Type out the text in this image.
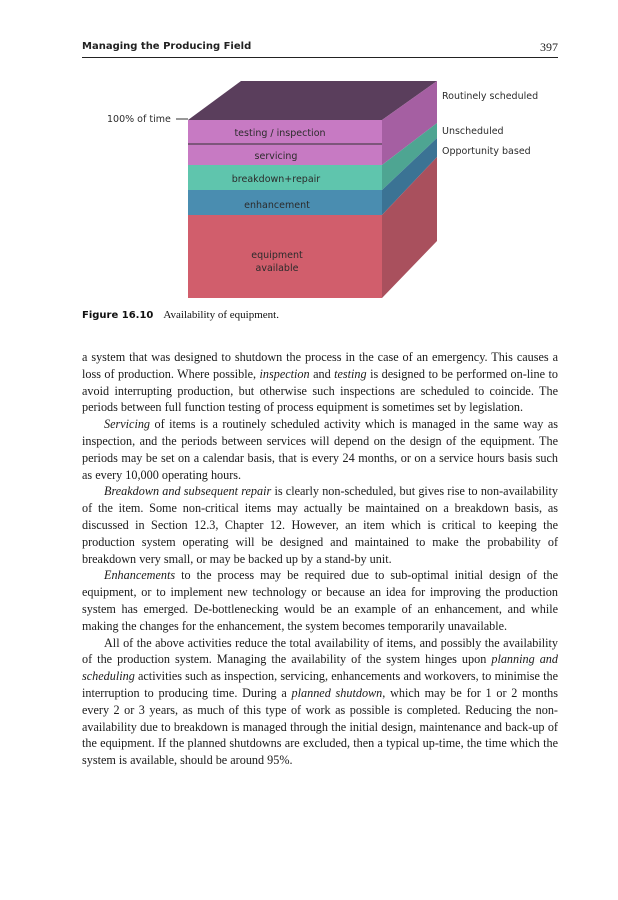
Managing the Producing Field	397
testing / inspection
servicing
breakdown+repair
enhancement
equipment
available
100% of time
Routinely scheduled
Unscheduled
Opportunity based
Figure 16.10 Availability of equipment.

a system that was designed to shutdown the process in the case of an emergency. This causes a loss of production. Where possible, inspection and testing is designed to be performed on-line to avoid interrupting production, but otherwise such inspections are scheduled to coincide. The periods between full function testing of process equipment is sometimes set by legislation.

Servicing of items is a routinely scheduled activity which is managed in the same way as inspection, and the periods between services will depend on the design of the equipment. The periods may be set on a calendar basis, that is every 24 months, or on a service hours basis such as every 10,000 operating hours.

Breakdown and subsequent repair is clearly non-scheduled, but gives rise to non-availability of the item. Some non-critical items may actually be maintained on a breakdown basis, as discussed in Section 12.3, Chapter 12. However, an item which is critical to keeping the production system operating will be designed and maintained to make the probability of breakdown very small, or may be backed up by a stand-by unit.

Enhancements to the process may be required due to sub-optimal initial design of the equipment, or to implement new technology or because an idea for improving the production system has emerged. De-bottlenecking would be an example of an enhancement, and while making the changes for the enhancement, the system becomes temporarily unavailable.

All of the above activities reduce the total availability of items, and possibly the availability of the production system. Managing the availability of the system hinges upon planning and scheduling activities such as inspection, servicing, enhancements and workovers, to minimise the interruption to producing time. During a planned shutdown, which may be for 1 or 2 months every 2 or 3 years, as much of this type of work as possible is completed. Reducing the non-availability due to breakdown is managed through the initial design, maintenance and back-up of the equipment. If the planned shutdowns are excluded, then a typical up-time, the time which the system is available, should be around 95%.
